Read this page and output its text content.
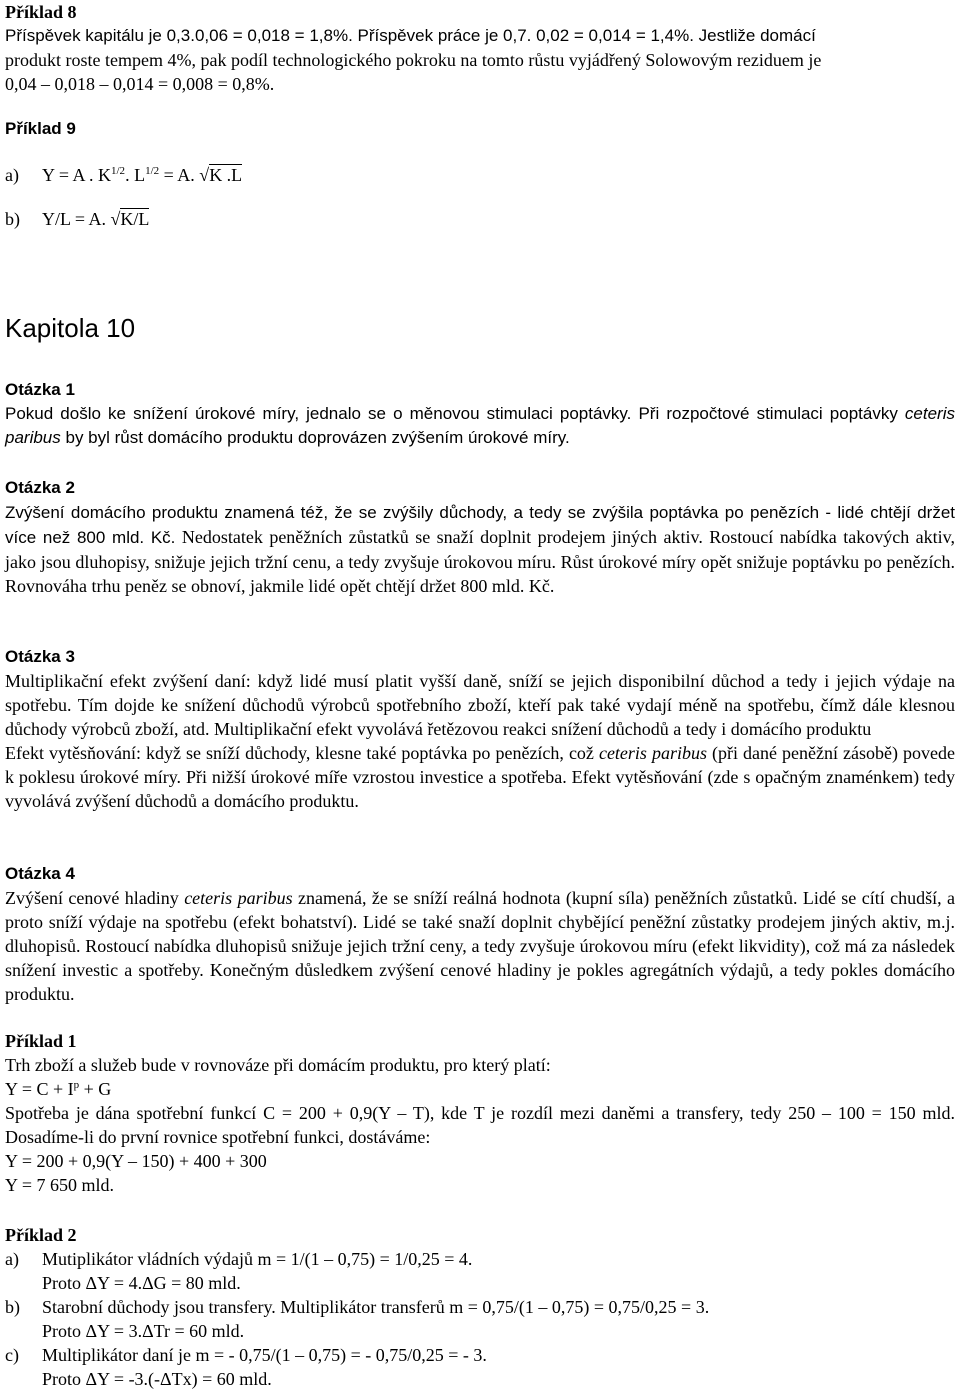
Příklad 8
Příspěvek kapitálu je 0,3.0,06 = 0,018 = 1,8%. Příspěvek práce je 0,7. 0,02 = 0,014 = 1,4%. Jestliže domácí
produkt roste tempem 4%, pak podíl technologického pokroku na tomto růstu vyjádřený Solowovým reziduem je
0,04 – 0,018 – 0,014 = 0,008 = 0,8%.
Příklad 9
a)	Y = A . $K^{1/2}$. $L^{1/2} = A$. √K .L
b)	Y/L = A. √K/L
Kapitola 10
Otázka 1
Pokud došlo ke snížení úrokové míry, jednalo se o měnovou stimulaci poptávky. Při rozpočtové stimulaci poptávky ceteris paribus by byl růst domácího produktu doprovázen zvýšením úrokové míry.
Otázka 2
Zvýšení domácího produktu znamená též, že se zvýšily důchody, a tedy se zvýšila poptávka po penězích - lidé chtějí držet více než 800 mld. Kč. Nedostatek peněžních zůstatků se snaží doplnit prodejem jiných aktiv. Rostoucí nabídka takových aktiv, jako jsou dluhopisy, snižuje jejich tržní cenu, a tedy zvyšuje úrokovou míru. Růst úrokové míry opět snižuje poptávku po penězích. Rovnováha trhu peněz se obnoví, jakmile lidé opět chtějí držet 800 mld. Kč.
Otázka 3
Multiplikační efekt zvýšení daní: když lidé musí platit vyšší daně, sníží se jejich disponibilní důchod a tedy i jejich výdaje na spotřebu. Tím dojde ke snížení důchodů výrobců spotřebního zboží, kteří pak také vydají méně na spotřebu, čímž dále klesnou důchody výrobců zboží, atd. Multiplikační efekt vyvolává řetězovou reakci snížení důchodů a tedy i domácího produktu
Efekt vytěsňování: když se sníží důchody, klesne také poptávka po penězích, což ceteris paribus (při dané peněžní zásobě) povede k poklesu úrokové míry. Při nižší úrokové míře vzrostou investice a spotřeba. Efekt vytěsňování (zde s opačným znaménkem) tedy vyvolává zvýšení důchodů a domácího produktu.
Otázka 4
Zvýšení cenové hladiny ceteris paribus znamená, že se sníží reálná hodnota (kupní síla) peněžních zůstatků. Lidé se cítí chudší, a proto sníží výdaje na spotřebu (efekt bohatství). Lidé se také snaží doplnit chybějící peněžní zůstatky prodejem jiných aktiv, m.j. dluhopisů. Rostoucí nabídka dluhopisů snižuje jejich tržní ceny, a tedy zvyšuje úrokovou míru (efekt likvidity), což má za následek snížení investic a spotřeby. Konečným důsledkem zvýšení cenové hladiny je pokles agregátních výdajů, a tedy pokles domácího produktu.
Příklad 1
Trh zboží a služeb bude v rovnováze při domácím produktu, pro který platí:
$Y = C + I^p + G$
Spotřeba je dána spotřební funkcí C = 200 + 0,9(Y – T), kde T je rozdíl mezi daněmi a transfery, tedy 250 – 100 = 150 mld. Dosadíme-li do první rovnice spotřební funkci, dostáváme:
Y = 200 + 0,9(Y – 150) + 400 + 300
Y = 7 650 mld.
Příklad 2
a)	Mutiplikátor vládních výdajů m = 1/(1 – 0,75) = 1/0,25 = 4.
Proto ΔY = 4.ΔG = 80 mld.
b)	Starobní důchody jsou transfery. Multiplikátor transferů m = 0,75/(1 – 0,75) = 0,75/0,25 = 3.
Proto ΔY = 3.ΔTr = 60 mld.
c)	Multiplikátor daní je m = - 0,75/(1 – 0,75) = - 0,75/0,25 = - 3.
Proto ΔY = -3.(-ΔTx) = 60 mld.
